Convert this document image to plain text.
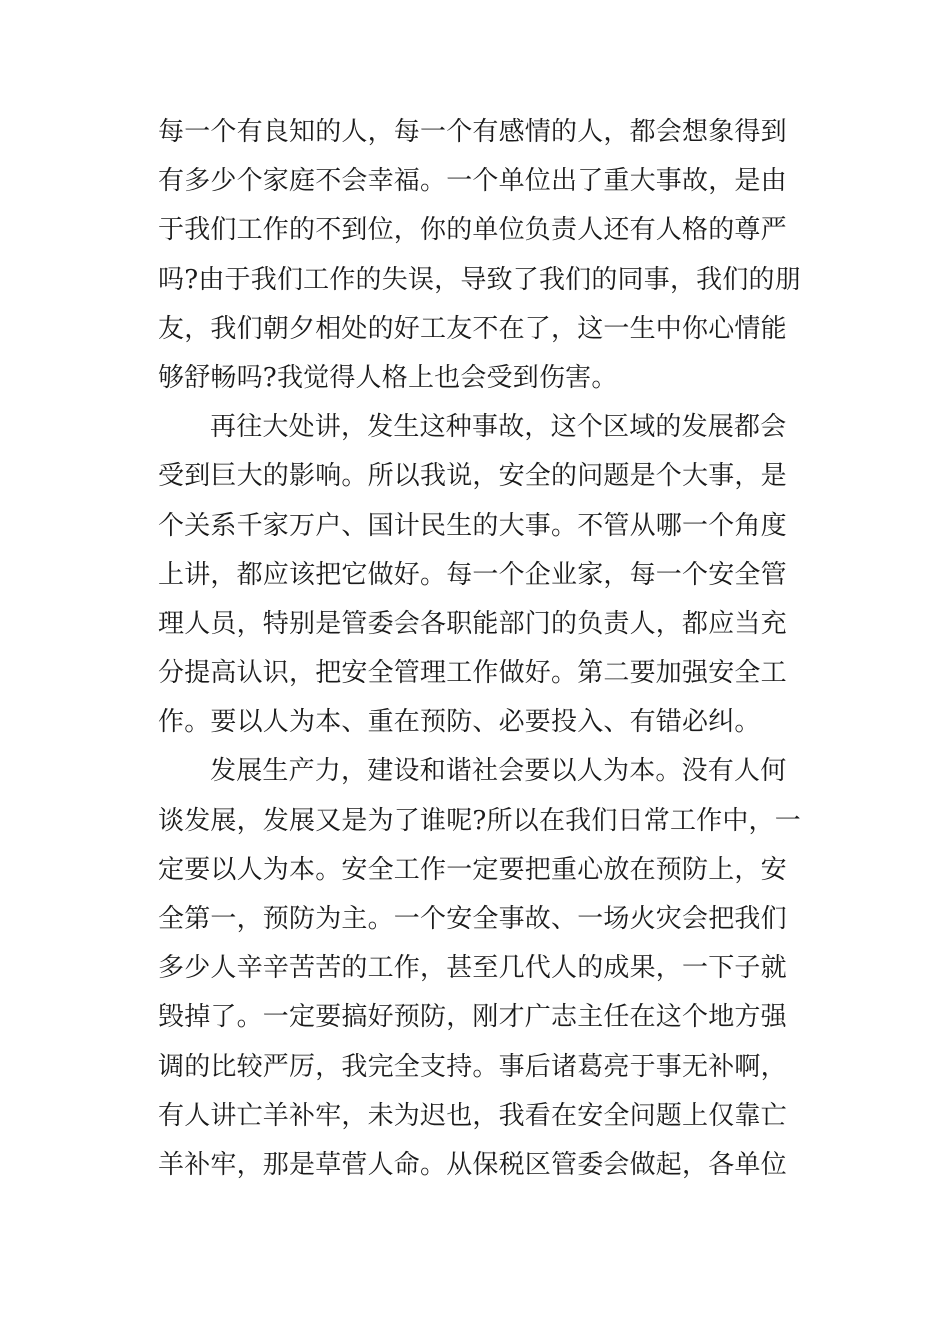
每一个有良知的人，每一个有感情的人，都会想象得到
有多少个家庭不会幸福。一个单位出了重大事故，是由
于我们工作的不到位，你的单位负责人还有人格的尊严
吗?由于我们工作的失误，导致了我们的同事，我们的朋
友，我们朝夕相处的好工友不在了，这一生中你心情能
够舒畅吗?我觉得人格上也会受到伤害。
再往大处讲，发生这种事故，这个区域的发展都会
受到巨大的影响。所以我说，安全的问题是个大事，是
个关系千家万户、国计民生的大事。不管从哪一个角度
上讲，都应该把它做好。每一个企业家，每一个安全管
理人员，特别是管委会各职能部门的负责人，都应当充
分提高认识，把安全管理工作做好。第二要加强安全工
作。要以人为本、重在预防、必要投入、有错必纠。
发展生产力，建设和谐社会要以人为本。没有人何
谈发展，发展又是为了谁呢?所以在我们日常工作中，一
定要以人为本。安全工作一定要把重心放在预防上，安
全第一，预防为主。一个安全事故、一场火灾会把我们
多少人辛辛苦苦的工作，甚至几代人的成果，一下子就
毁掉了。一定要搞好预防，刚才广志主任在这个地方强
调的比较严厉，我完全支持。事后诸葛亮于事无补啊，
有人讲亡羊补牢，未为迟也，我看在安全问题上仅靠亡
羊补牢，那是草菅人命。从保税区管委会做起，各单位
